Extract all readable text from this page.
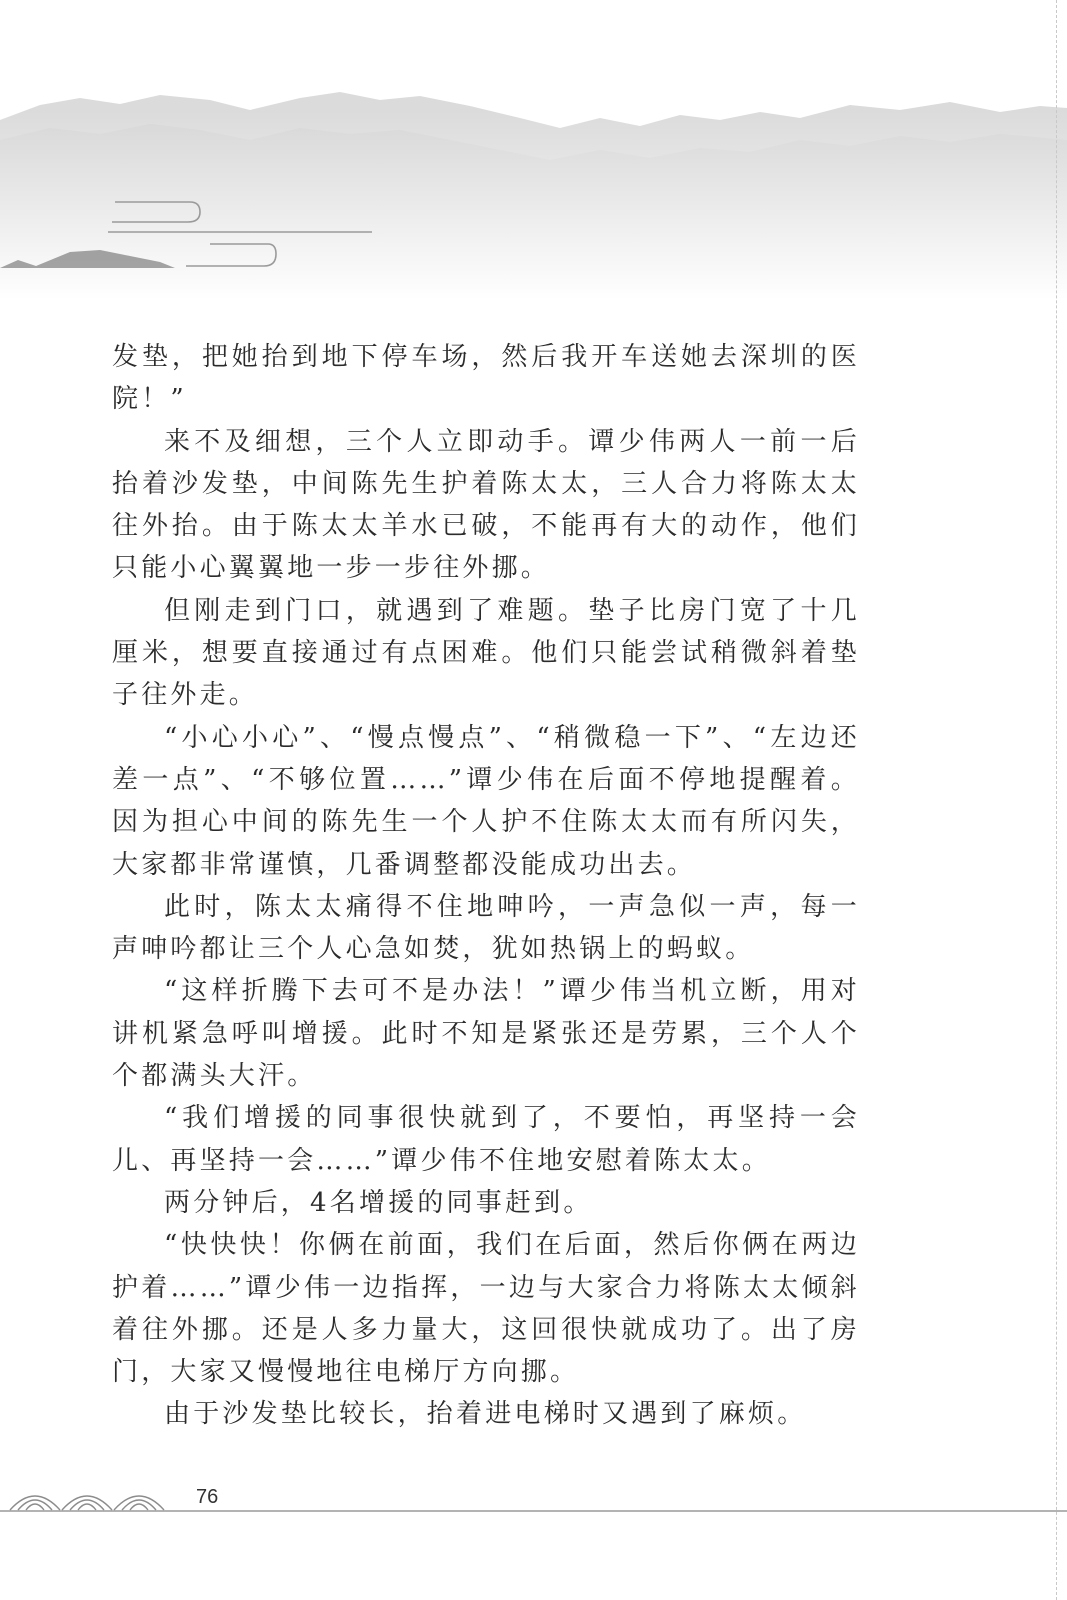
发垫，把她抬到地下停车场，然后我开车送她去深圳的医院！”

来不及细想，三个人立即动手。谭少伟两人一前一后抬着沙发垫，中间陈先生护着陈太太，三人合力将陈太太往外抬。由于陈太太羊水已破，不能再有大的动作，他们只能小心翼翼地一步一步往外挪。

但刚走到门口，就遇到了难题。垫子比房门宽了十几厘米，想要直接通过有点困难。他们只能尝试稍微斜着垫子往外走。

“小心小心”、“慢点慢点”、“稍微稳一下”、“左边还差一点”、“不够位置……”谭少伟在后面不停地提醒着。因为担心中间的陈先生一个人护不住陈太太而有所闪失，大家都非常谨慎，几番调整都没能成功出去。

此时，陈太太痛得不住地呻吟，一声急似一声，每一声呻吟都让三个人心急如焚，犹如热锅上的蚂蚁。

“这样折腾下去可不是办法！”谭少伟当机立断，用对讲机紧急呼叫增援。此时不知是紧张还是劳累，三个人个个都满头大汗。

“我们增援的同事很快就到了，不要怕，再坚持一会儿、再坚持一会……”谭少伟不住地安慰着陈太太。

两分钟后，4名增援的同事赶到。

“快快快！你俩在前面，我们在后面，然后你俩在两边护着……”谭少伟一边指挥，一边与大家合力将陈太太倾斜着往外挪。还是人多力量大，这回很快就成功了。出了房门，大家又慢慢地往电梯厅方向挪。

由于沙发垫比较长，抬着进电梯时又遇到了麻烦。

76
